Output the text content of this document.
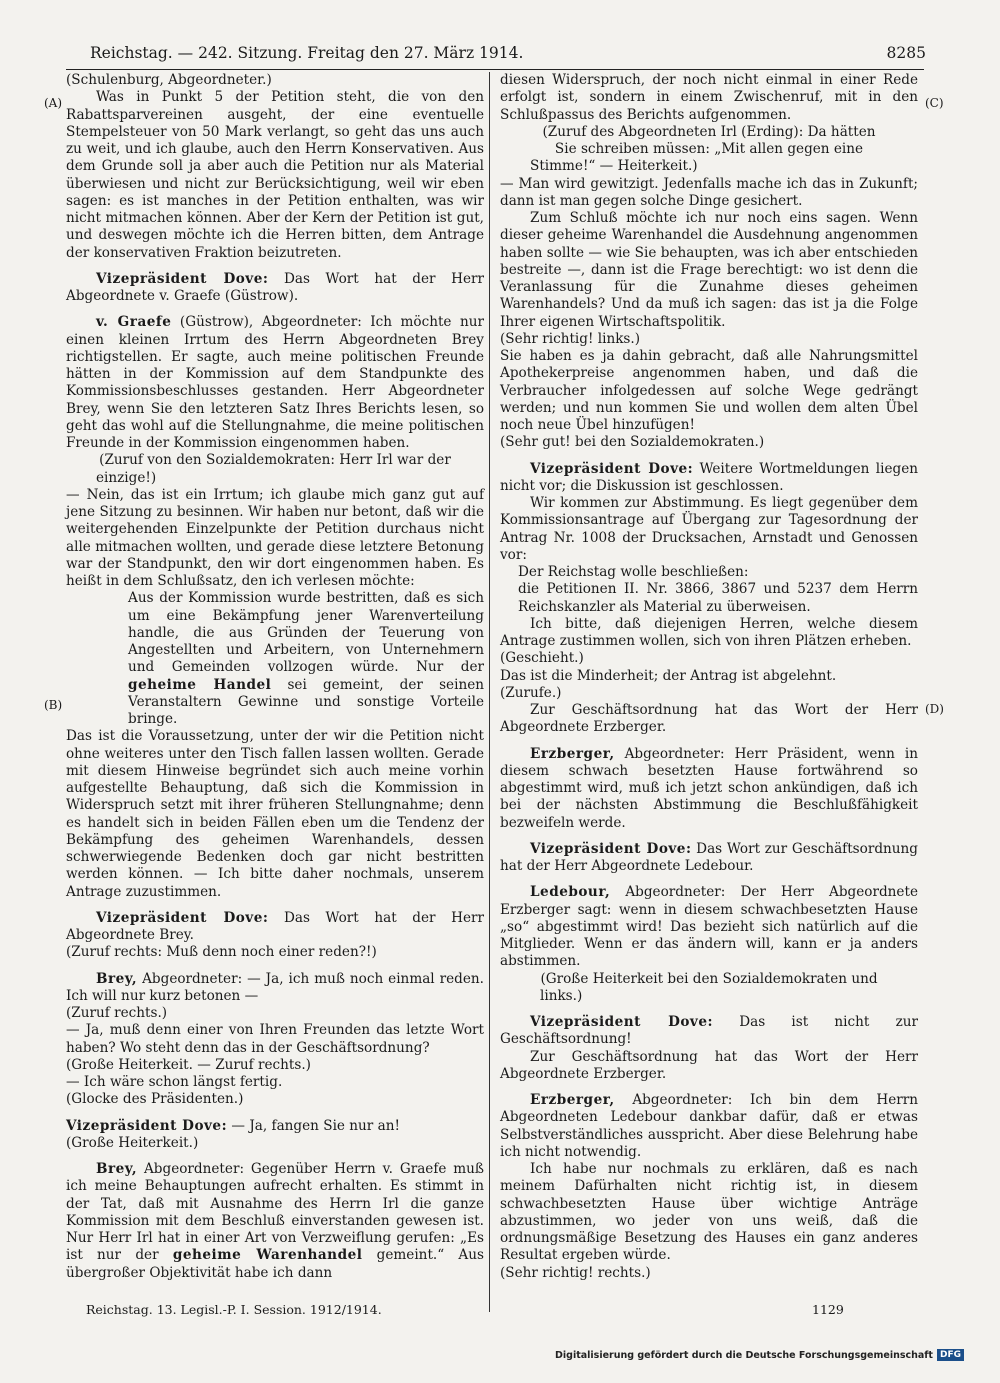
Reichstag. — 242. Sitzung. Freitag den 27. März 1914.	8285
(A)
(B)
(C)
(D)

(Schulenburg, Abgeordneter.)

Was in Punkt 5 der Petition steht, die von den Rabattsparvereinen ausgeht, der eine eventuelle Stempelsteuer von 50 Mark verlangt, so geht das uns auch zu weit, und ich glaube, auch den Herrn Konservativen. Aus dem Grunde soll ja aber auch die Petition nur als Material überwiesen und nicht zur Berücksichtigung, weil wir eben sagen: es ist manches in der Petition enthalten, was wir nicht mitmachen können. Aber der Kern der Petition ist gut, und deswegen möchte ich die Herren bitten, dem Antrage der konservativen Fraktion beizutreten.

Vizepräsident Dove: Das Wort hat der Herr Abgeordnete v. Graefe (Güstrow).

v. Graefe (Güstrow), Abgeordneter: Ich möchte nur einen kleinen Irrtum des Herrn Abgeordneten Brey richtigstellen. Er sagte, auch meine politischen Freunde hätten in der Kommission auf dem Standpunkte des Kommissionsbeschlusses gestanden. Herr Abgeordneter Brey, wenn Sie den letzteren Satz Ihres Berichts lesen, so geht das wohl auf die Stellungnahme, die meine politischen Freunde in der Kommission eingenommen haben.

(Zuruf von den Sozialdemokraten: Herr Irl war der einzige!)

— Nein, das ist ein Irrtum; ich glaube mich ganz gut auf jene Sitzung zu besinnen. Wir haben nur betont, daß wir die weitergehenden Einzelpunkte der Petition durchaus nicht alle mitmachen wollten, und gerade diese letztere Betonung war der Standpunkt, den wir dort eingenommen haben. Es heißt in dem Schlußsatz, den ich verlesen möchte:

Aus der Kommission wurde bestritten, daß es sich um eine Bekämpfung jener Warenverteilung handle, die aus Gründen der Teuerung von Angestellten und Arbeitern, von Unternehmern und Gemeinden vollzogen würde. Nur der geheime Handel sei gemeint, der seinen Veranstaltern Gewinne und sonstige Vorteile bringe.

Das ist die Voraussetzung, unter der wir die Petition nicht ohne weiteres unter den Tisch fallen lassen wollten. Gerade mit diesem Hinweise begründet sich auch meine vorhin aufgestellte Behauptung, daß sich die Kommission in Widerspruch setzt mit ihrer früheren Stellungnahme; denn es handelt sich in beiden Fällen eben um die Tendenz der Bekämpfung des geheimen Warenhandels, dessen schwerwiegende Bedenken doch gar nicht bestritten werden können. — Ich bitte daher nochmals, unserem Antrage zuzustimmen.

Vizepräsident Dove: Das Wort hat der Herr Abgeordnete Brey.

(Zuruf rechts: Muß denn noch einer reden?!)

Brey, Abgeordneter: — Ja, ich muß noch einmal reden. Ich will nur kurz betonen —

(Zuruf rechts.)

— Ja, muß denn einer von Ihren Freunden das letzte Wort haben? Wo steht denn das in der Geschäftsordnung?

(Große Heiterkeit. — Zuruf rechts.)

— Ich wäre schon längst fertig.

(Glocke des Präsidenten.)

Vizepräsident Dove: — Ja, fangen Sie nur an!

(Große Heiterkeit.)

Brey, Abgeordneter: Gegenüber Herrn v. Graefe muß ich meine Behauptungen aufrecht erhalten. Es stimmt in der Tat, daß mit Ausnahme des Herrn Irl die ganze Kommission mit dem Beschluß einverstanden gewesen ist. Nur Herr Irl hat in einer Art von Verzweiflung gerufen: „Es ist nur der geheime Warenhandel gemeint.“ Aus übergroßer Objektivität habe ich dann

diesen Widerspruch, der noch nicht einmal in einer Rede erfolgt ist, sondern in einem Zwischenruf, mit in den Schlußpassus des Berichts aufgenommen.

(Zuruf des Abgeordneten Irl (Erding): Da hätten Sie schreiben müssen: „Mit allen gegen eine Stimme!“ — Heiterkeit.)

— Man wird gewitzigt. Jedenfalls mache ich das in Zukunft; dann ist man gegen solche Dinge gesichert.

Zum Schluß möchte ich nur noch eins sagen. Wenn dieser geheime Warenhandel die Ausdehnung angenommen haben sollte — wie Sie behaupten, was ich aber entschieden bestreite —, dann ist die Frage berechtigt: wo ist denn die Veranlassung für die Zunahme dieses geheimen Warenhandels? Und da muß ich sagen: das ist ja die Folge Ihrer eigenen Wirtschaftspolitik.

(Sehr richtig! links.)

Sie haben es ja dahin gebracht, daß alle Nahrungsmittel Apothekerpreise angenommen haben, und daß die Verbraucher infolgedessen auf solche Wege gedrängt werden; und nun kommen Sie und wollen dem alten Übel noch neue Übel hinzufügen!

(Sehr gut! bei den Sozialdemokraten.)

Vizepräsident Dove: Weitere Wortmeldungen liegen nicht vor; die Diskussion ist geschlossen.

Wir kommen zur Abstimmung. Es liegt gegenüber dem Kommissionsantrage auf Übergang zur Tagesordnung der Antrag Nr. 1008 der Drucksachen, Arnstadt und Genossen vor:

Der Reichstag wolle beschließen:

die Petitionen II. Nr. 3866, 3867 und 5237 dem Herrn Reichskanzler als Material zu überweisen.

Ich bitte, daß diejenigen Herren, welche diesem Antrage zustimmen wollen, sich von ihren Plätzen erheben.

(Geschieht.)

Das ist die Minderheit; der Antrag ist abgelehnt.

(Zurufe.)

Zur Geschäftsordnung hat das Wort der Herr Abgeordnete Erzberger.

Erzberger, Abgeordneter: Herr Präsident, wenn in diesem schwach besetzten Hause fortwährend so abgestimmt wird, muß ich jetzt schon ankündigen, daß ich bei der nächsten Abstimmung die Beschlußfähigkeit bezweifeln werde.

Vizepräsident Dove: Das Wort zur Geschäftsordnung hat der Herr Abgeordnete Ledebour.

Ledebour, Abgeordneter: Der Herr Abgeordnete Erzberger sagt: wenn in diesem schwachbesetzten Hause „so“ abgestimmt wird! Das bezieht sich natürlich auf die Mitglieder. Wenn er das ändern will, kann er ja anders abstimmen.

(Große Heiterkeit bei den Sozialdemokraten und links.)

Vizepräsident Dove: Das ist nicht zur Geschäftsordnung!

Zur Geschäftsordnung hat das Wort der Herr Abgeordnete Erzberger.

Erzberger, Abgeordneter: Ich bin dem Herrn Abgeordneten Ledebour dankbar dafür, daß er etwas Selbstverständliches ausspricht. Aber diese Belehrung habe ich nicht notwendig.

Ich habe nur nochmals zu erklären, daß es nach meinem Dafürhalten nicht richtig ist, in diesem schwachbesetzten Hause über wichtige Anträge abzustimmen, wo jeder von uns weiß, daß die ordnungsmäßige Besetzung des Hauses ein ganz anderes Resultat ergeben würde.

(Sehr richtig! rechts.)

Reichstag. 13. Legisl.-P. I. Session. 1912/1914.	1129
Digitalisierung gefördert durch die Deutsche Forschungsgemeinschaft DFG
